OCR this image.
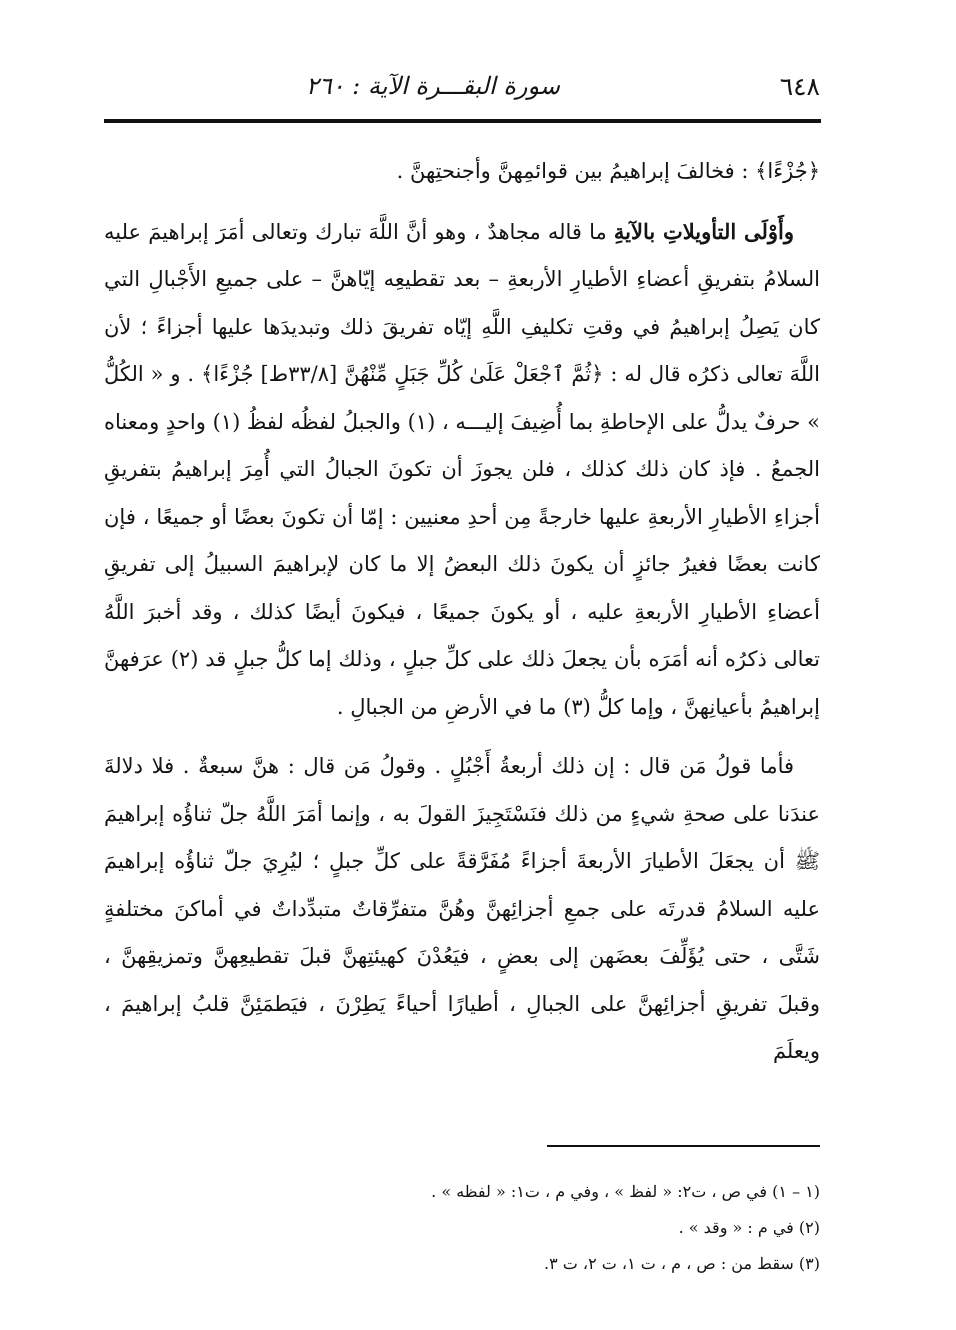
٦٤٨
سورة البقـــرة الآية : ٢٦٠

﴿جُزْءًا﴾ : فخالفَ إبراهيمُ بين قوائمِهنَّ وأجنحتِهنَّ .

وأَوْلَى التأويلاتِ بالآيةِ ما قاله مجاهدٌ ، وهو أنَّ اللَّهَ تبارك وتعالى أمَرَ إبراهيمَ عليه السلامُ بتفريقِ أعضاءِ الأطيارِ الأربعةِ – بعد تقطيعِه إيّاهنَّ – على جميعِ الأَجْبالِ التي كان يَصِلُ إبراهيمُ في وقتِ تكليفِ اللَّهِ إيّاه تفريقَ ذلك وتبديدَها عليها أجزاءً ؛ لأن اللَّهَ تعالى ذكرُه قال له : ﴿ثُمَّ ٱجْعَلْ عَلَىٰ كُلِّ جَبَلٍ مِّنْهُنَّ [٣٣/٨ط] جُزْءًا﴾ . و « الكُلُّ » حرفٌ يدلُّ على الإحاطةِ بما أُضِيفَ إليـــه ، (١) والجبلُ لفظُه لفظُ (١) واحدٍ ومعناه الجمعُ . فإذ كان ذلك كذلك ، فلن يجوزَ أن تكونَ الجبالُ التي أُمِرَ إبراهيمُ بتفريقِ أجزاءِ الأطيارِ الأربعةِ عليها خارجةً مِن أحدِ معنيين : إمّا أن تكونَ بعضًا أو جميعًا ، فإن كانت بعضًا فغيرُ جائزٍ أن يكونَ ذلك البعضُ إلا ما كان لإبراهيمَ السبيلُ إلى تفريقِ أعضاءِ الأطيارِ الأربعةِ عليه ، أو يكونَ جميعًا ، فيكونَ أيضًا كذلك ، وقد أخبرَ اللَّهُ تعالى ذكرُه أنه أمَرَه بأن يجعلَ ذلك على كلِّ جبلٍ ، وذلك إما كلُّ جبلٍ قد (٢) عرَفهنَّ إبراهيمُ بأعيانِهنَّ ، وإما كلُّ (٣) ما في الأرضِ من الجبالِ .

فأما قولُ مَن قال : إن ذلك أربعةُ أَجْبُلٍ . وقولُ مَن قال : هنَّ سبعةٌ . فلا دلالةَ عندَنا على صحةِ شيءٍ من ذلك فنَسْتَجِيزَ القولَ به ، وإنما أمَرَ اللَّهُ جلّ ثناؤُه إبراهيمَ ﷺ أن يجعَلَ الأطيارَ الأربعةَ أجزاءً مُفَرَّقةً على كلِّ جبلٍ ؛ ليُرِيَ جلّ ثناؤُه إبراهيمَ عليه السلامُ قدرتَه على جمعِ أجزائِهنَّ وهُنَّ متفرِّقاتٌ متبدِّداتٌ في أماكنَ مختلفةٍ شَتَّى ، حتى يُؤَلِّفَ بعضَهن إلى بعضٍ ، فيَعُدْنَ كهيئتِهنَّ قبلَ تقطيعِهنَّ وتمزيقِهنَّ ، وقبلَ تفريقِ أجزائِهنَّ على الجبالِ ، أطيارًا أحياءً يَطِرْنَ ، فيَطمَئِنَّ قلبُ إبراهيمَ ، ويعلَمَ

(١ – ١) في ص ، ت٢: « لفظ » ، وفي م ، ت١: « لفظه » .

(٢) في م : « وقد » .

(٣) سقط من : ص ، م ، ت ١، ت ٢، ت ٣.
